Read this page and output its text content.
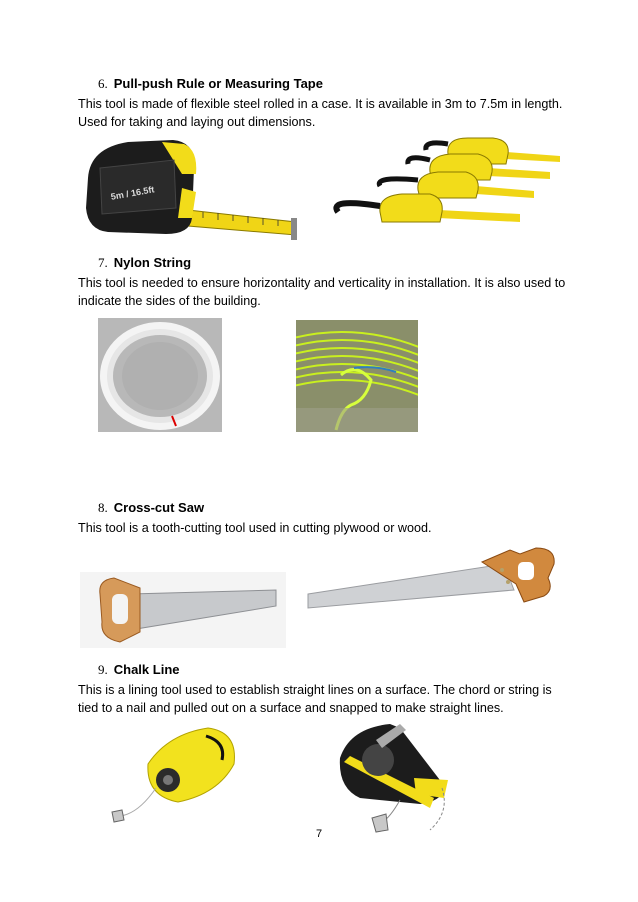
6. Pull-push Rule or Measuring Tape
This tool is made of flexible steel rolled in a case. It is available in 3m to 7.5m in length. Used for taking and laying out dimensions.
5m / 16.5ft
7. Nylon String
This tool is needed to ensure horizontality and verticality in installation. It is also used to indicate the sides of the building.
8. Cross-cut Saw
This tool is a tooth-cutting tool used in cutting plywood or wood.
9. Chalk Line
This is a lining tool used to establish straight lines on a surface. The chord or string is tied to a nail and pulled out on a surface and snapped to make straight lines.
7
